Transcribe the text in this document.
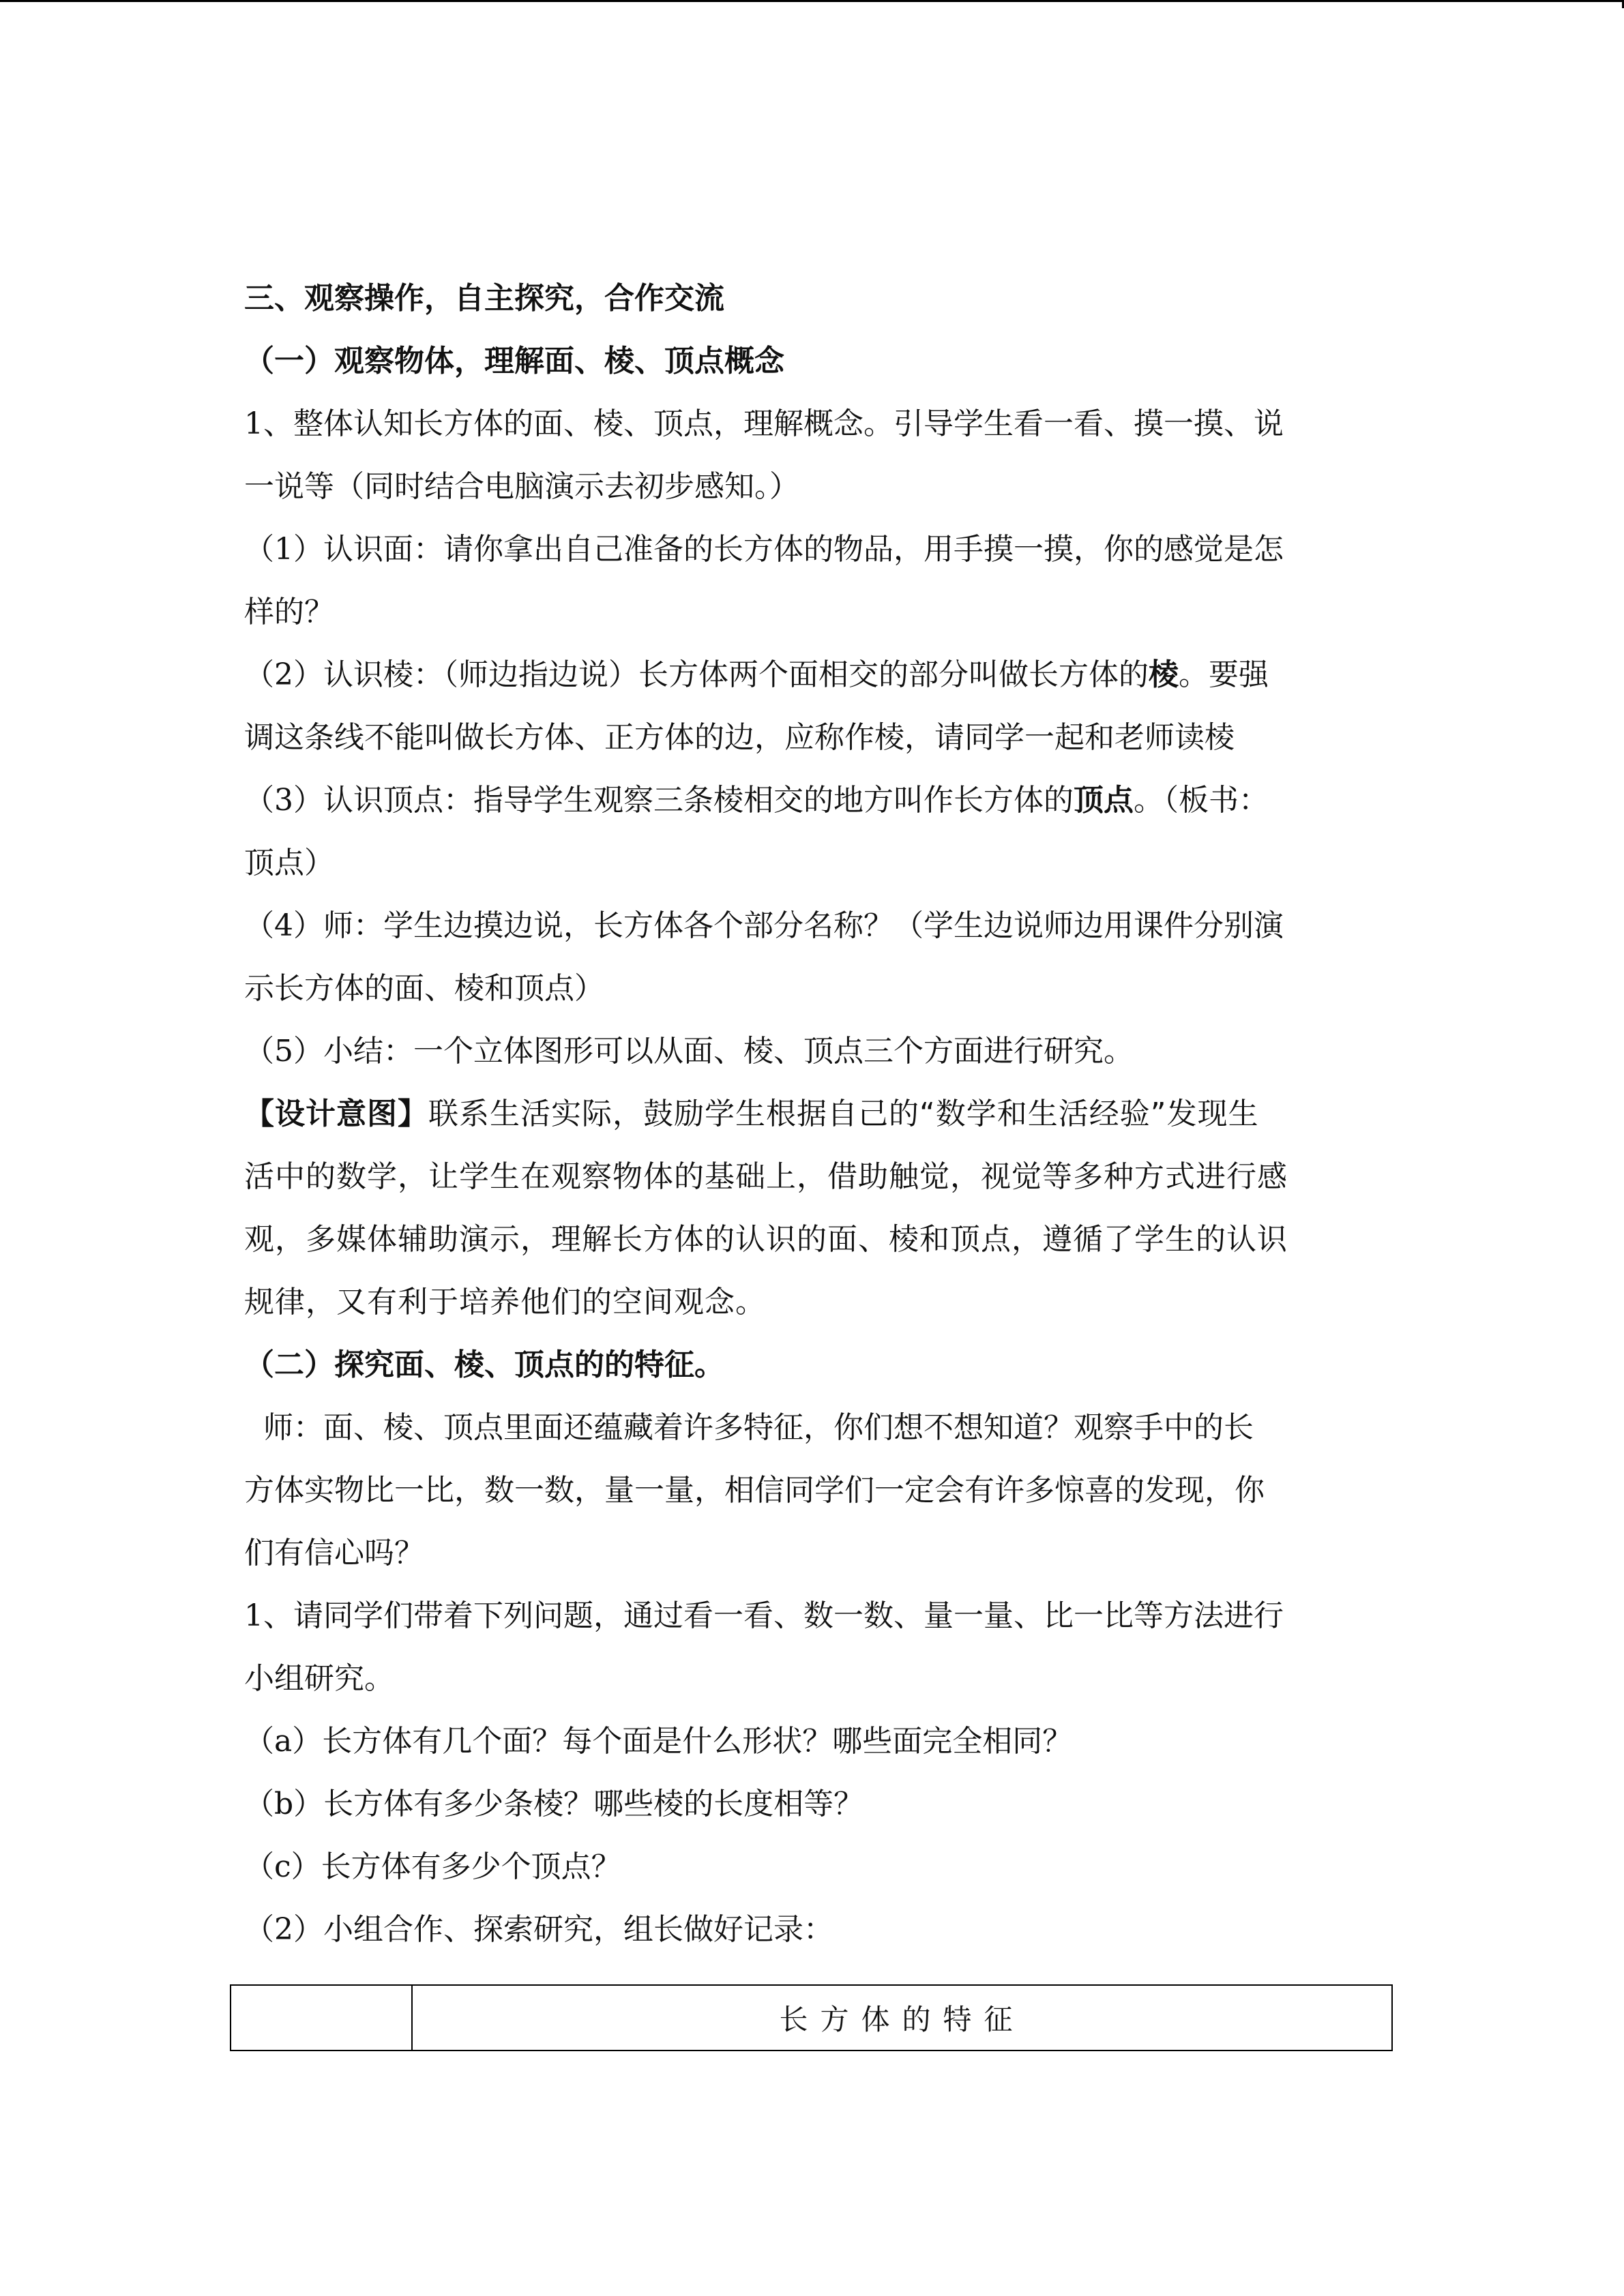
三、观察操作，自主探究，合作交流

（一）观察物体，理解面、棱、顶点概念

1、整体认知长方体的面、棱、顶点，理解概念。引导学生看一看、摸一摸、说

一说等（同时结合电脑演示去初步感知。）

（1）认识面：请你拿出自己准备的长方体的物品，用手摸一摸，你的感觉是怎

样的？

（2）认识棱：（师边指边说）长方体两个面相交的部分叫做长方体的棱。要强

调这条线不能叫做长方体、正方体的边，应称作棱，请同学一起和老师读棱

（3）认识顶点：指导学生观察三条棱相交的地方叫作长方体的顶点。（板书：

顶点）

（4）师：学生边摸边说，长方体各个部分名称？（学生边说师边用课件分别演

示长方体的面、棱和顶点）

（5）小结：一个立体图形可以从面、棱、顶点三个方面进行研究。

【设计意图】联系生活实际，鼓励学生根据自己的“数学和生活经验”发现生

活中的数学，让学生在观察物体的基础上，借助触觉，视觉等多种方式进行感

观，多媒体辅助演示，理解长方体的认识的面、棱和顶点，遵循了学生的认识

规律，又有利于培养他们的空间观念。

（二）探究面、棱、顶点的的特征。

师：面、棱、顶点里面还蕴藏着许多特征，你们想不想知道？观察手中的长

方体实物比一比，数一数，量一量，相信同学们一定会有许多惊喜的发现，你

们有信心吗？

1、请同学们带着下列问题，通过看一看、数一数、量一量、比一比等方法进行

小组研究。

（a）长方体有几个面？每个面是什么形状？哪些面完全相同？

（b）长方体有多少条棱？哪些棱的长度相等？

（c）长方体有多少个顶点？

（2）小组合作、探索研究，组长做好记录：

	长方体的特征
